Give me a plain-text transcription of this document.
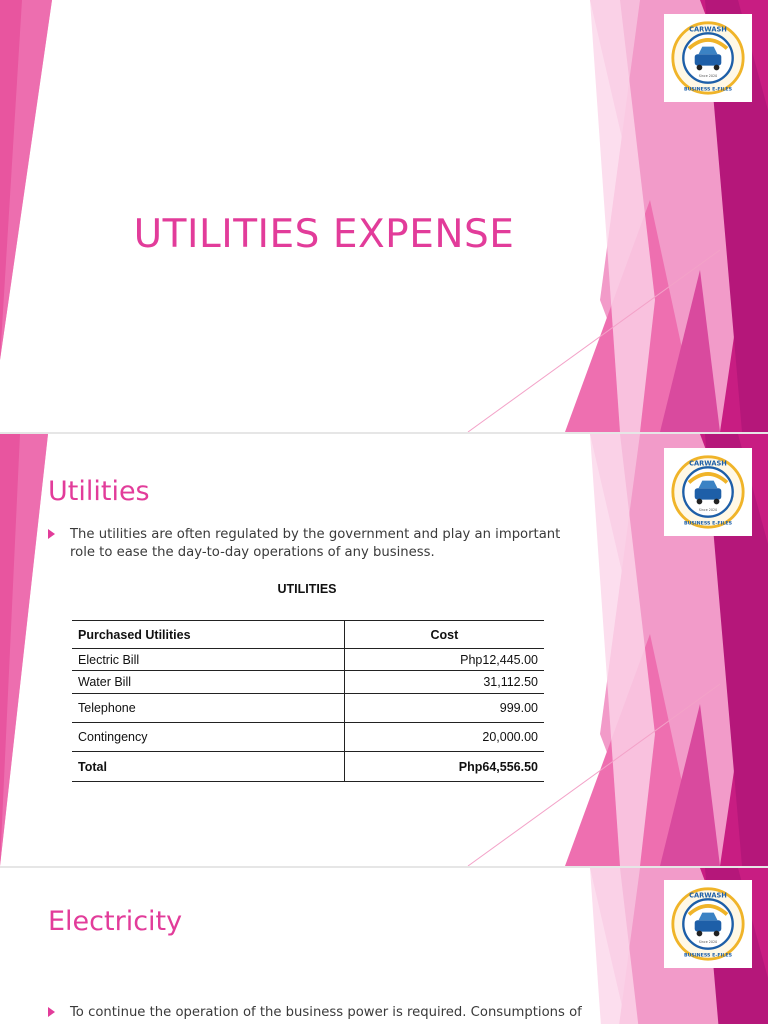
CARWASH
BUSINESS E-FILES
Since 2020
UTILITIES EXPENSE
CARWASH
BUSINESS E-FILES
Since 2020
Utilities
The utilities are often regulated by the government and play an important role to ease the day-to-day operations of any business.
UTILITIES
Purchased Utilities	Cost
Electric Bill	Php12,445.00
Water Bill	31,112.50
Telephone	999.00
Contingency	20,000.00
Total	Php64,556.50
CARWASH
BUSINESS E-FILES
Since 2020
Electricity
To continue the operation of the business power is required. Consumptions of
